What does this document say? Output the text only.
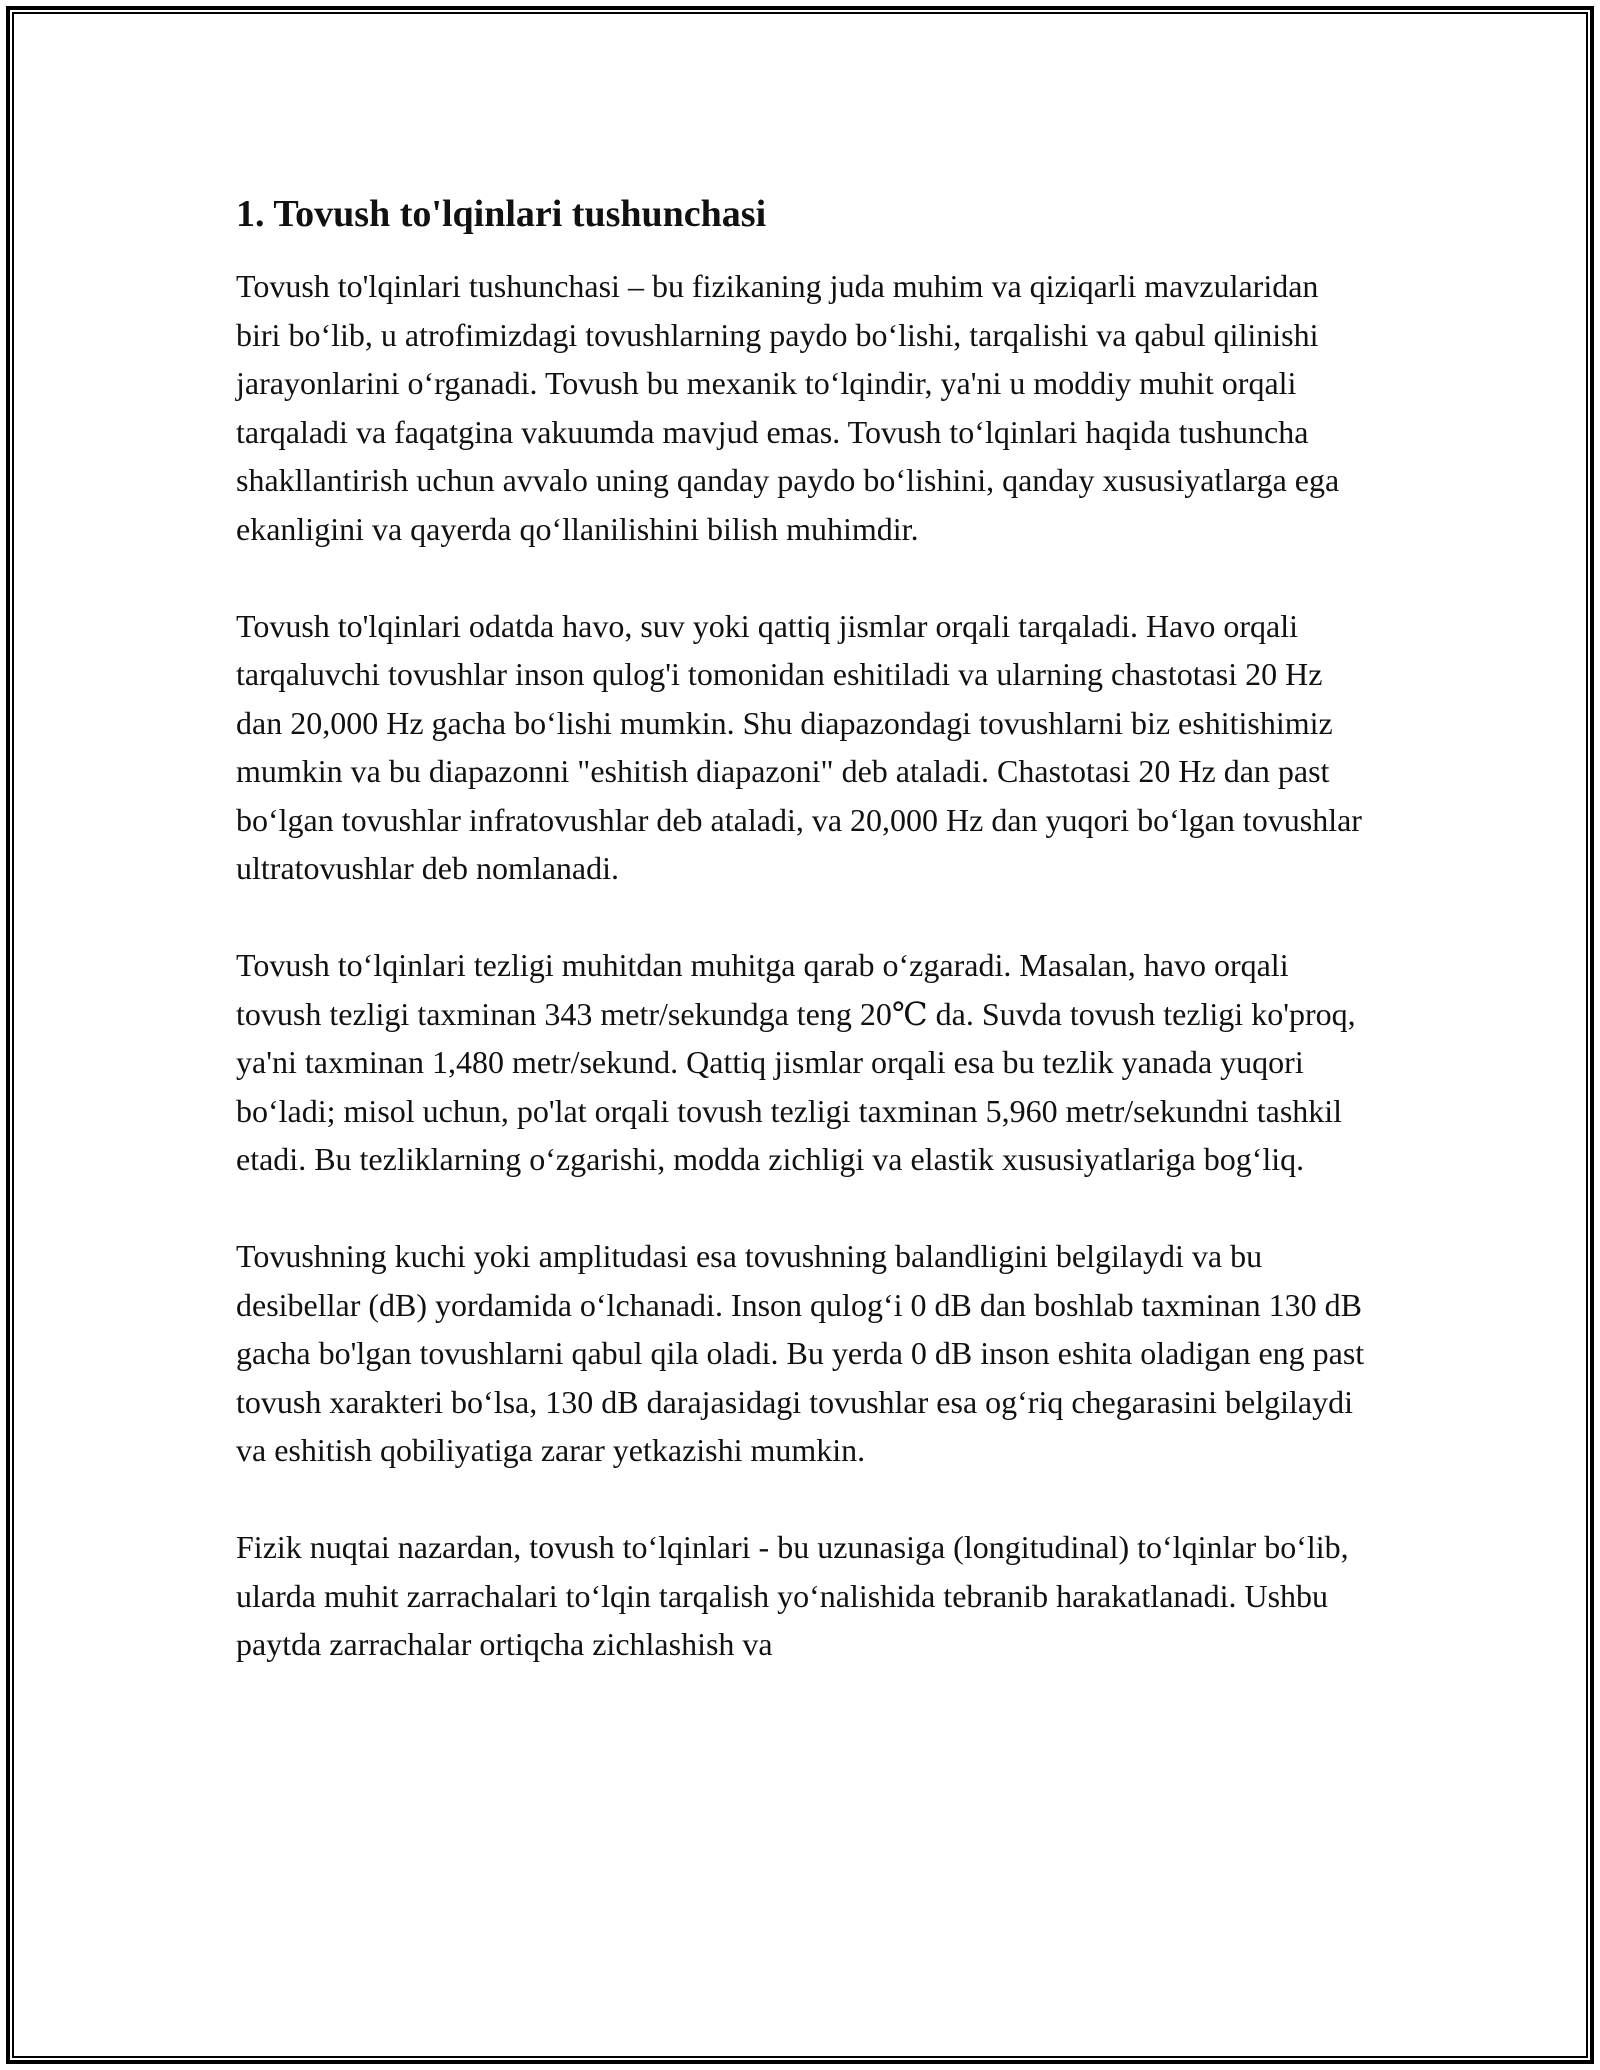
1. Tovush to'lqinlari tushunchasi

Tovush to'lqinlari tushunchasi – bu fizikaning juda muhim va qiziqarli mavzularidan biri bo‘lib, u atrofimizdagi tovushlarning paydo bo‘lishi, tarqalishi va qabul qilinishi jarayonlarini o‘rganadi. Tovush bu mexanik to‘lqindir, ya'ni u moddiy muhit orqali tarqaladi va faqatgina vakuumda mavjud emas. Tovush to‘lqinlari haqida tushuncha shakllantirish uchun avvalo uning qanday paydo bo‘lishini, qanday xususiyatlarga ega ekanligini va qayerda qo‘llanilishini bilish muhimdir.

Tovush to'lqinlari odatda havo, suv yoki qattiq jismlar orqali tarqaladi. Havo orqali tarqaluvchi tovushlar inson qulog'i tomonidan eshitiladi va ularning chastotasi 20 Hz dan 20,000 Hz gacha bo‘lishi mumkin. Shu diapazondagi tovushlarni biz eshitishimiz mumkin va bu diapazonni "eshitish diapazoni" deb ataladi. Chastotasi 20 Hz dan past bo‘lgan tovushlar infratovushlar deb ataladi, va 20,000 Hz dan yuqori bo‘lgan tovushlar ultratovushlar deb nomlanadi.

Tovush to‘lqinlari tezligi muhitdan muhitga qarab o‘zgaradi. Masalan, havo orqali tovush tezligi taxminan 343 metr/sekundga teng 20℃ da. Suvda tovush tezligi ko'proq, ya'ni taxminan 1,480 metr/sekund. Qattiq jismlar orqali esa bu tezlik yanada yuqori bo‘ladi; misol uchun, po'lat orqali tovush tezligi taxminan 5,960 metr/sekundni tashkil etadi. Bu tezliklarning o‘zgarishi, modda zichligi va elastik xususiyatlariga bog‘liq.

Tovushning kuchi yoki amplitudasi esa tovushning balandligini belgilaydi va bu desibellar (dB) yordamida o‘lchanadi. Inson qulog‘i 0 dB dan boshlab taxminan 130 dB gacha bo'lgan tovushlarni qabul qila oladi. Bu yerda 0 dB inson eshita oladigan eng past tovush xarakteri bo‘lsa, 130 dB darajasidagi tovushlar esa og‘riq chegarasini belgilaydi va eshitish qobiliyatiga zarar yetkazishi mumkin.

Fizik nuqtai nazardan, tovush to‘lqinlari - bu uzunasiga (longitudinal) to‘lqinlar bo‘lib, ularda muhit zarrachalari to‘lqin tarqalish yo‘nalishida tebranib harakatlanadi. Ushbu paytda zarrachalar ortiqcha zichlashish va
